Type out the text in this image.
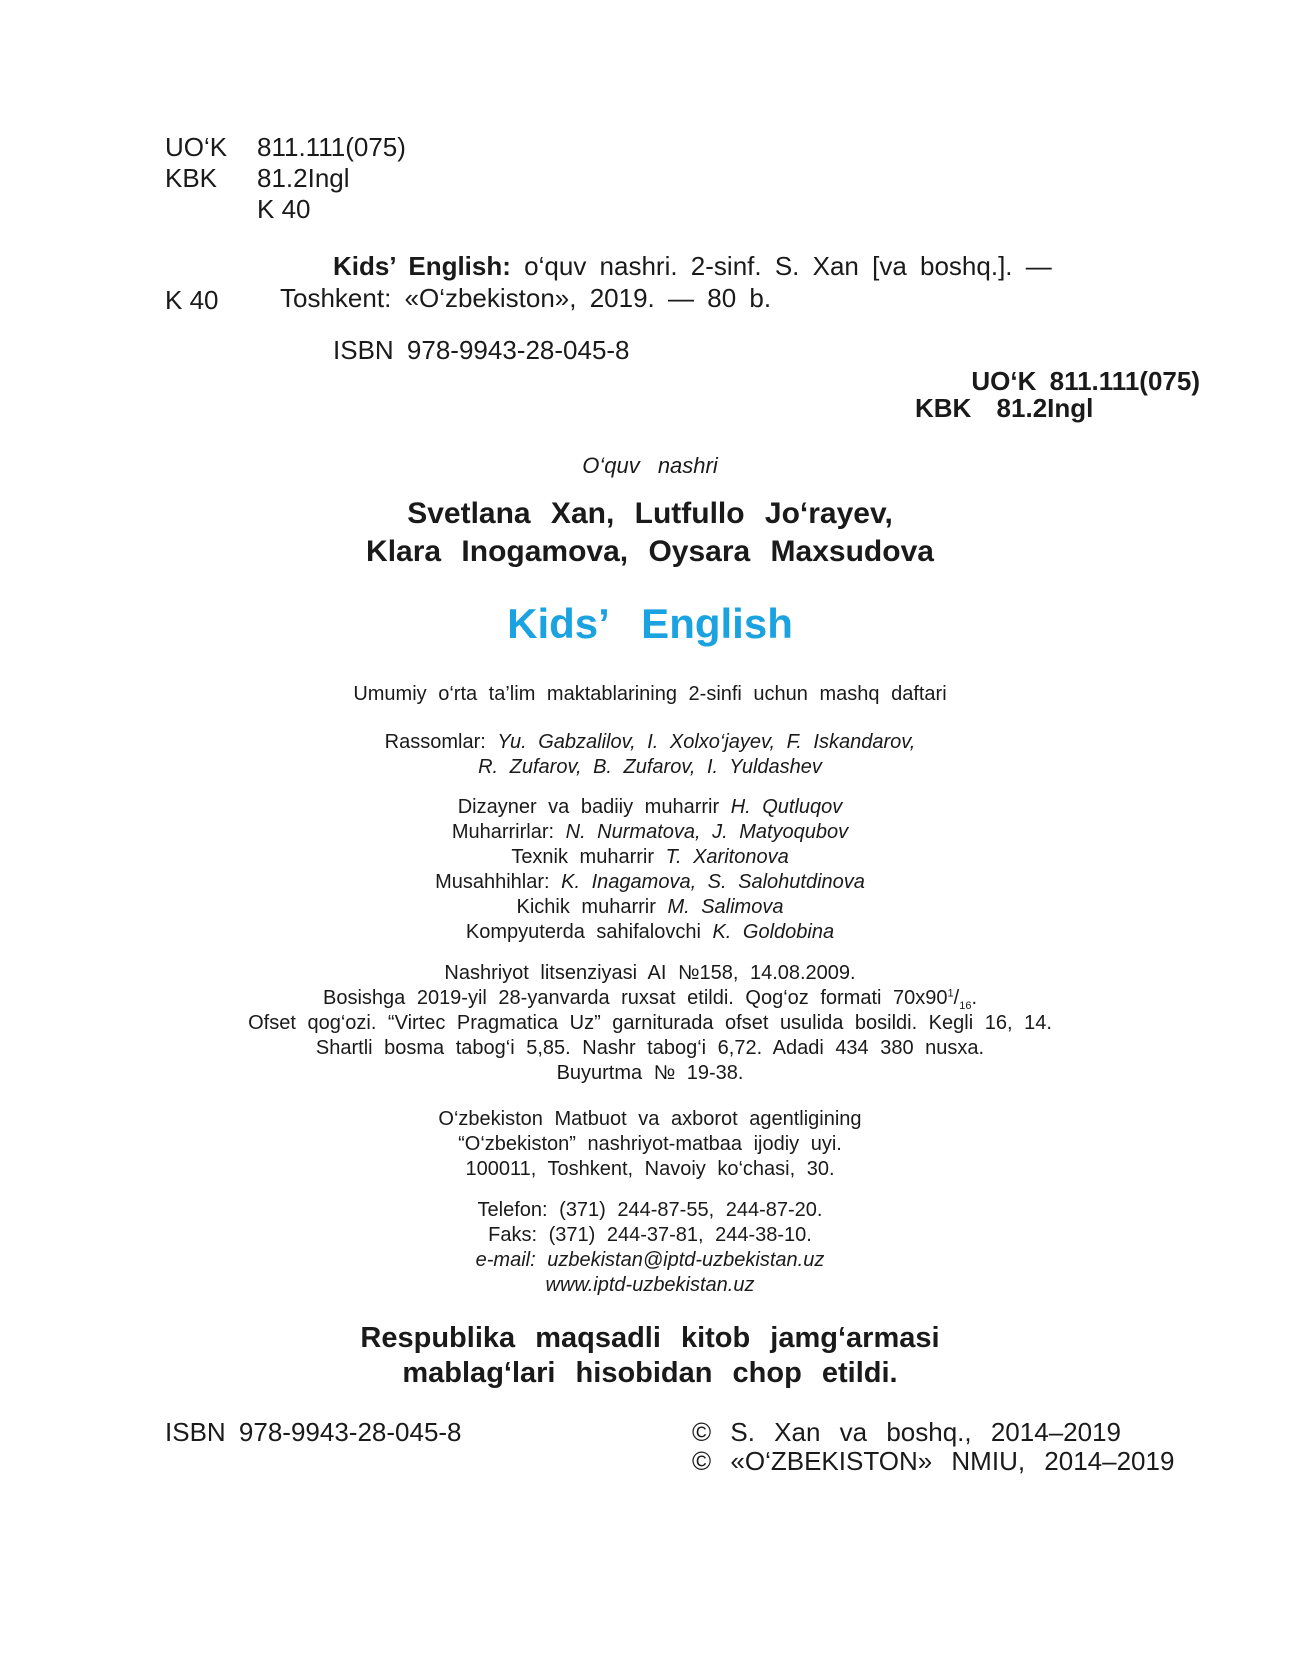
UO‘K	811.111(075)
KBK	81.2Ingl
K 40
Kids’ English: o‘quv nashri. 2-sinf. S. Xan [va boshq.]. —
K 40 Toshkent: «O‘zbekiston», 2019. — 80 b.
ISBN 978-9943-28-045-8
UO‘K 811.111(075)
KBK 81.2Ingl
O‘quv nashri
Svetlana Xan, Lutfullo Jo‘rayev,
Klara Inogamova, Oysara Maxsudova
Kids’ English
Umumiy o‘rta ta’lim maktablarining 2-sinfi uchun mashq daftari
Rassomlar: Yu. Gabzalilov, I. Xolxo‘jayev, F. Iskandarov,
R. Zufarov, B. Zufarov, I. Yuldashev
Dizayner va badiiy muharrir H. Qutluqov
Muharrirlar: N. Nurmatova, J. Matyoqubov
Texnik muharrir T. Xaritonova
Musahhihlar: K. Inagamova, S. Salohutdinova
Kichik muharrir M. Salimova
Kompyuterda sahifalovchi K. Goldobina
Nashriyot litsenziyasi AI №158, 14.08.2009.
Bosishga 2019-yil 28-yanvarda ruxsat etildi. Qog‘oz formati $70x90^1/_{16}$.
Ofset qog‘ozi. “Virtec Pragmatica Uz” garniturada ofset usulida bosildi. Kegli 16, 14.
Shartli bosma tabog‘i 5,85. Nashr tabog‘i 6,72. Adadi 434 380 nusxa.
Buyurtma № 19-38.
O‘zbekiston Matbuot va axborot agentligining
“O‘zbekiston” nashriyot-matbaa ijodiy uyi.
100011, Toshkent, Navoiy ko‘chasi, 30.
Telefon: (371) 244-87-55, 244-87-20.
Faks: (371) 244-37-81, 244-38-10.
e-mail: uzbekistan@iptd-uzbekistan.uz
www.iptd-uzbekistan.uz
Respublika maqsadli kitob jamg‘armasi
mablag‘lari hisobidan chop etildi.
ISBN 978-9943-28-045-8	© S. Xan va boshq., 2014–2019
© «O‘ZBEKISTON» NMIU, 2014–2019
